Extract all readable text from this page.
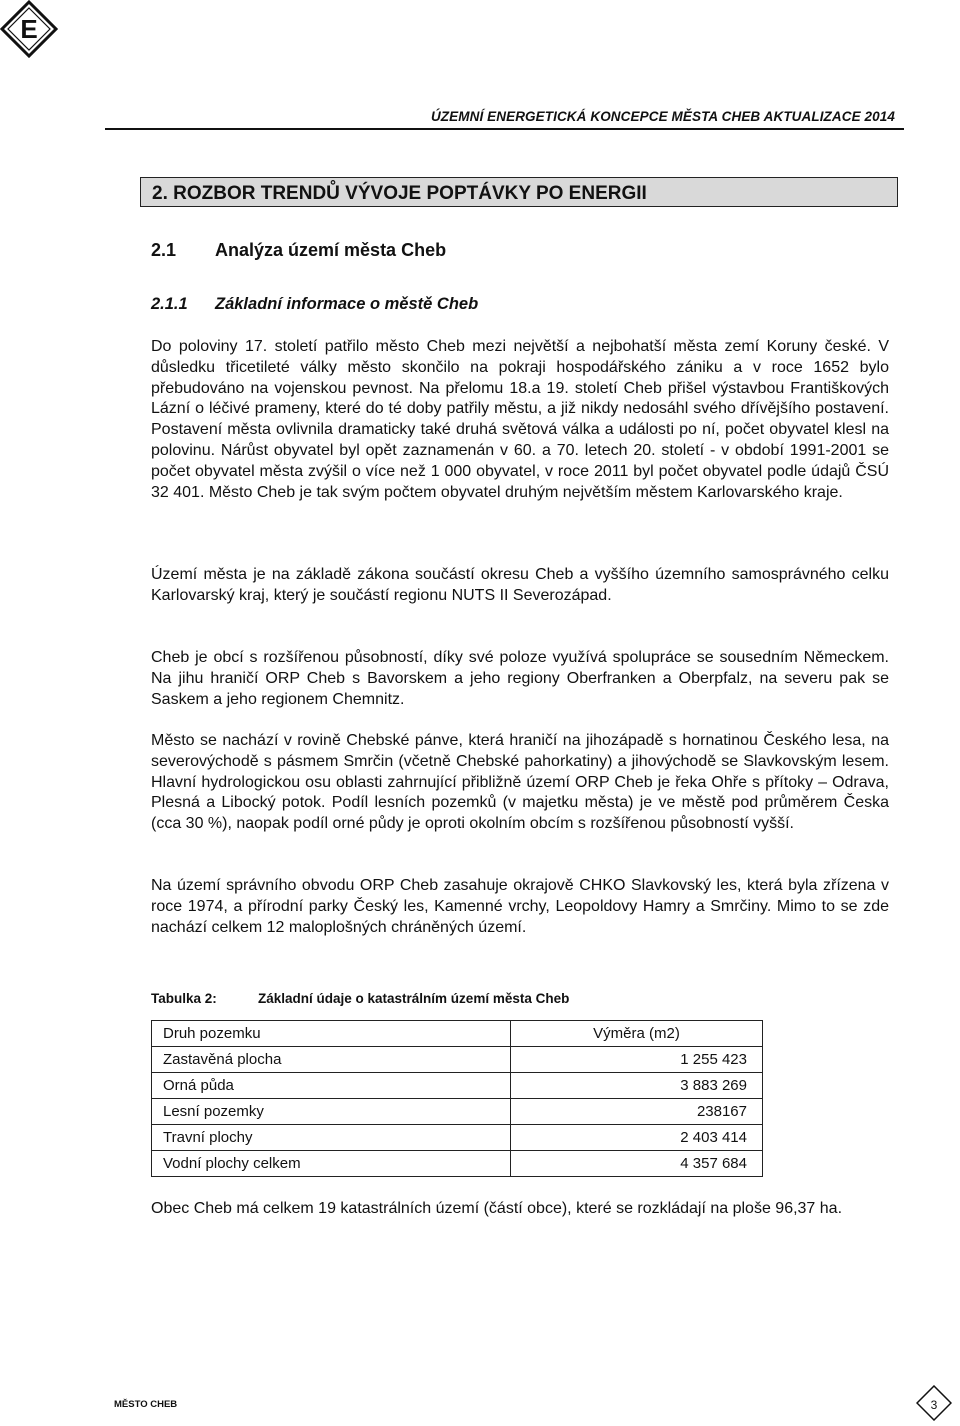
E
ÚZEMNÍ ENERGETICKÁ KONCEPCE MĚSTA CHEB AKTUALIZACE 2014
2. ROZBOR TRENDŮ VÝVOJE POPTÁVKY PO ENERGII
2.1 Analýza území města Cheb
2.1.1 Základní informace o městě Cheb

Do poloviny 17. století patřilo město Cheb mezi největší a nejbohatší města zemí Koruny české. V důsledku třicetileté války město skončilo na pokraji hospodářského zániku a v roce 1652 bylo přebudováno na vojenskou pevnost. Na přelomu 18.a 19. století Cheb přišel výstavbou Františkových Lázní o léčivé prameny, které do té doby patřily městu, a již nikdy nedosáhl svého dřívějšího postavení. Postavení města ovlivnila dramaticky také druhá světová válka a události po ní, počet obyvatel klesl na polovinu. Nárůst obyvatel byl opět zaznamenán v 60. a 70. letech 20. století - v období 1991-2001 se počet obyvatel města zvýšil o více než 1 000 obyvatel, v roce 2011 byl počet obyvatel podle údajů ČSÚ 32 401. Město Cheb je tak svým počtem obyvatel druhým největším městem Karlovarského kraje.

Území města je na základě zákona součástí okresu Cheb a vyššího územního samosprávného celku Karlovarský kraj, který je součástí regionu NUTS II Severozápad.

Cheb je obcí s rozšířenou působností, díky své poloze využívá spolupráce se sousedním Německem. Na jihu hraničí ORP Cheb s Bavorskem a jeho regiony Oberfranken a Oberpfalz, na severu pak se Saskem a jeho regionem Chemnitz.

Město se nachází v rovině Chebské pánve, která hraničí na jihozápadě s hornatinou Českého lesa, na severovýchodě s pásmem Smrčin (včetně Chebské pahorkatiny) a jihovýchodě se Slavkovským lesem. Hlavní hydrologickou osu oblasti zahrnující přibližně území ORP Cheb je řeka Ohře s přítoky – Odrava, Plesná a Libocký potok. Podíl lesních pozemků (v majetku města) je ve městě pod průměrem Česka (cca 30 %), naopak podíl orné půdy je oproti okolním obcím s rozšířenou působností vyšší.

Na území správního obvodu ORP Cheb zasahuje okrajově CHKO Slavkovský les, která byla zřízena v roce 1974, a přírodní parky Český les, Kamenné vrchy, Leopoldovy Hamry a Smrčiny. Mimo to se zde nachází celkem 12 maloplošných chráněných území.

Tabulka 2:	Základní údaje o katastrálním území města Cheb
Druh pozemku	Výměra (m2)
Zastavěná plocha	1 255 423
Orná půda	3 883 269
Lesní pozemky	238167
Travní plochy	2 403 414
Vodní plochy celkem	4 357 684

Obec Cheb má celkem 19 katastrálních území (částí obce), které se rozkládají na ploše 96,37 ha.

MĚSTO CHEB	3
